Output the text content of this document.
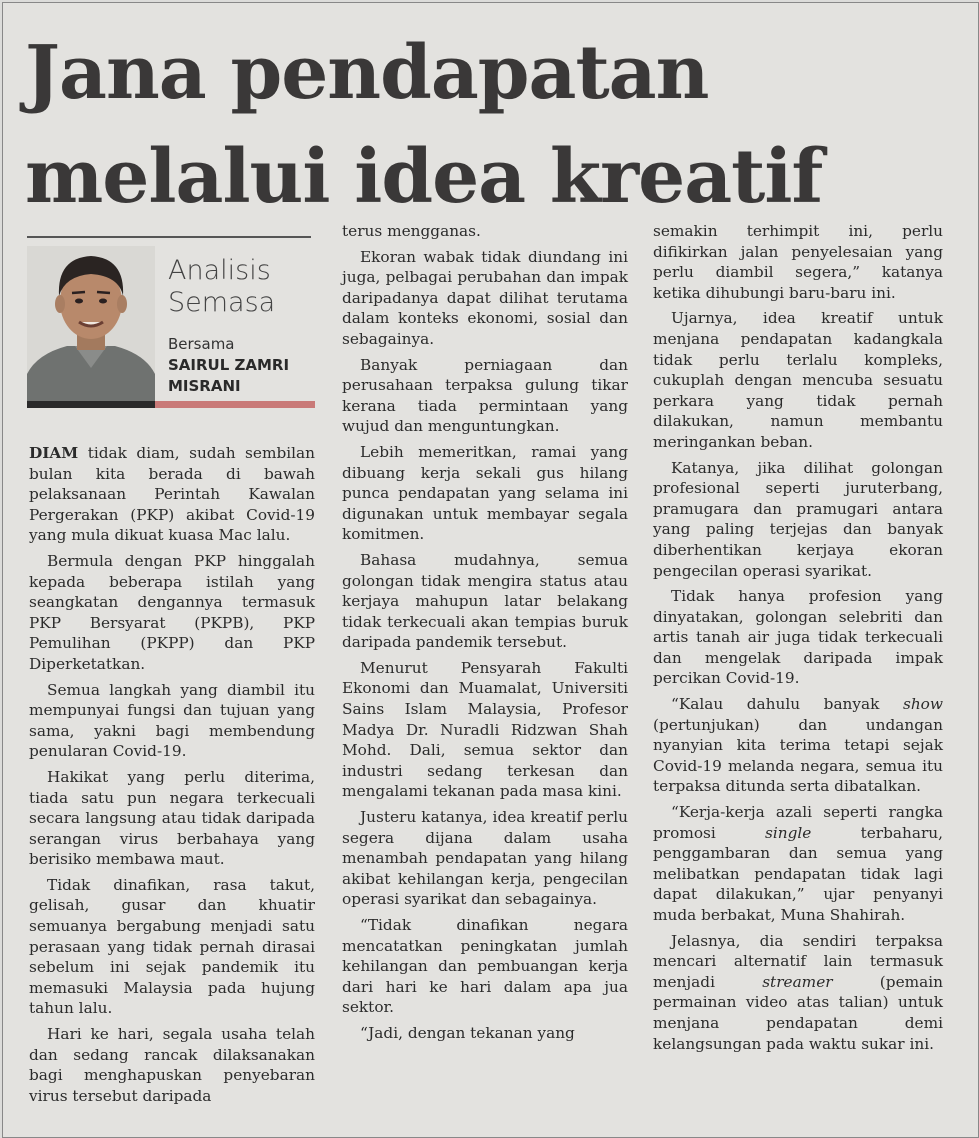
Jana pendapatan
melalui idea kreatif
Analisis
Semasa
Bersama
SAIRUL ZAMRI
MISRANI

DIAM tidak diam, sudah sembilan bulan kita berada di bawah pelaksanaan Perintah Kawalan Pergerakan (PKP) akibat Covid-19 yang mula dikuat kuasa Mac lalu.

Bermula dengan PKP hinggalah kepada beberapa istilah yang seangkatan dengannya termasuk PKP Bersyarat (PKPB), PKP Pemulihan (PKPP) dan PKP Diperketatkan.

Semua langkah yang diambil itu mempunyai fungsi dan tujuan yang sama, yakni bagi membendung penularan Covid-19.

Hakikat yang perlu diterima, tiada satu pun negara terkecuali secara langsung atau tidak daripada serangan virus berbahaya yang berisiko membawa maut.

Tidak dinafikan, rasa takut, gelisah, gusar dan khuatir semuanya bergabung menjadi satu perasaan yang tidak pernah dirasai sebelum ini sejak pandemik itu memasuki Malaysia pada hujung tahun lalu.

Hari ke hari, segala usaha telah dan sedang rancak dilaksanakan bagi menghapuskan penyebaran virus tersebut daripada

terus mengganas.

Ekoran wabak tidak diundang ini juga, pelbagai perubahan dan impak daripadanya dapat dilihat terutama dalam konteks ekonomi, sosial dan sebagainya.

Banyak perniagaan dan perusahaan terpaksa gulung tikar kerana tiada permintaan yang wujud dan menguntungkan.

Lebih memeritkan, ramai yang dibuang kerja sekali gus hilang punca pendapatan yang selama ini digunakan untuk membayar segala komitmen.

Bahasa mudahnya, semua golongan tidak mengira status atau kerjaya mahupun latar belakang tidak terkecuali akan tempias buruk daripada pandemik tersebut.

Menurut Pensyarah Fakulti Ekonomi dan Muamalat, Universiti Sains Islam Malaysia, Profesor Madya Dr. Nuradli Ridzwan Shah Mohd. Dali, semua sektor dan industri sedang terkesan dan mengalami tekanan pada masa kini.

Justeru katanya, idea kreatif perlu segera dijana dalam usaha menambah pendapatan yang hilang akibat kehilangan kerja, pengecilan operasi syarikat dan sebagainya.

“Tidak dinafikan negara mencatatkan peningkatan jumlah kehilangan dan pembuangan kerja dari hari ke hari dalam apa jua sektor.

“Jadi, dengan tekanan yang

semakin terhimpit ini, perlu difikirkan jalan penyelesaian yang perlu diambil segera,” katanya ketika dihubungi baru-baru ini.

Ujarnya, idea kreatif untuk menjana pendapatan kadangkala tidak perlu terlalu kompleks, cukuplah dengan mencuba sesuatu perkara yang tidak pernah dilakukan, namun membantu meringankan beban.

Katanya, jika dilihat golongan profesional seperti juruterbang, pramugara dan pramugari antara yang paling terjejas dan banyak diberhentikan kerjaya ekoran pengecilan operasi syarikat.

Tidak hanya profesion yang dinyatakan, golongan selebriti dan artis tanah air juga tidak terkecuali dan mengelak daripada impak percikan Covid-19.

“Kalau dahulu banyak show (pertunjukan) dan undangan nyanyian kita terima tetapi sejak Covid-19 melanda negara, semua itu terpaksa ditunda serta dibatalkan.

“Kerja-kerja azali seperti rangka promosi single terbaharu, penggambaran dan semua yang melibatkan pendapatan tidak lagi dapat dilakukan,” ujar penyanyi muda berbakat, Muna Shahirah.

Jelasnya, dia sendiri terpaksa mencari alternatif lain termasuk menjadi streamer (pemain permainan video atas talian) untuk menjana pendapatan demi kelangsungan pada waktu sukar ini.
